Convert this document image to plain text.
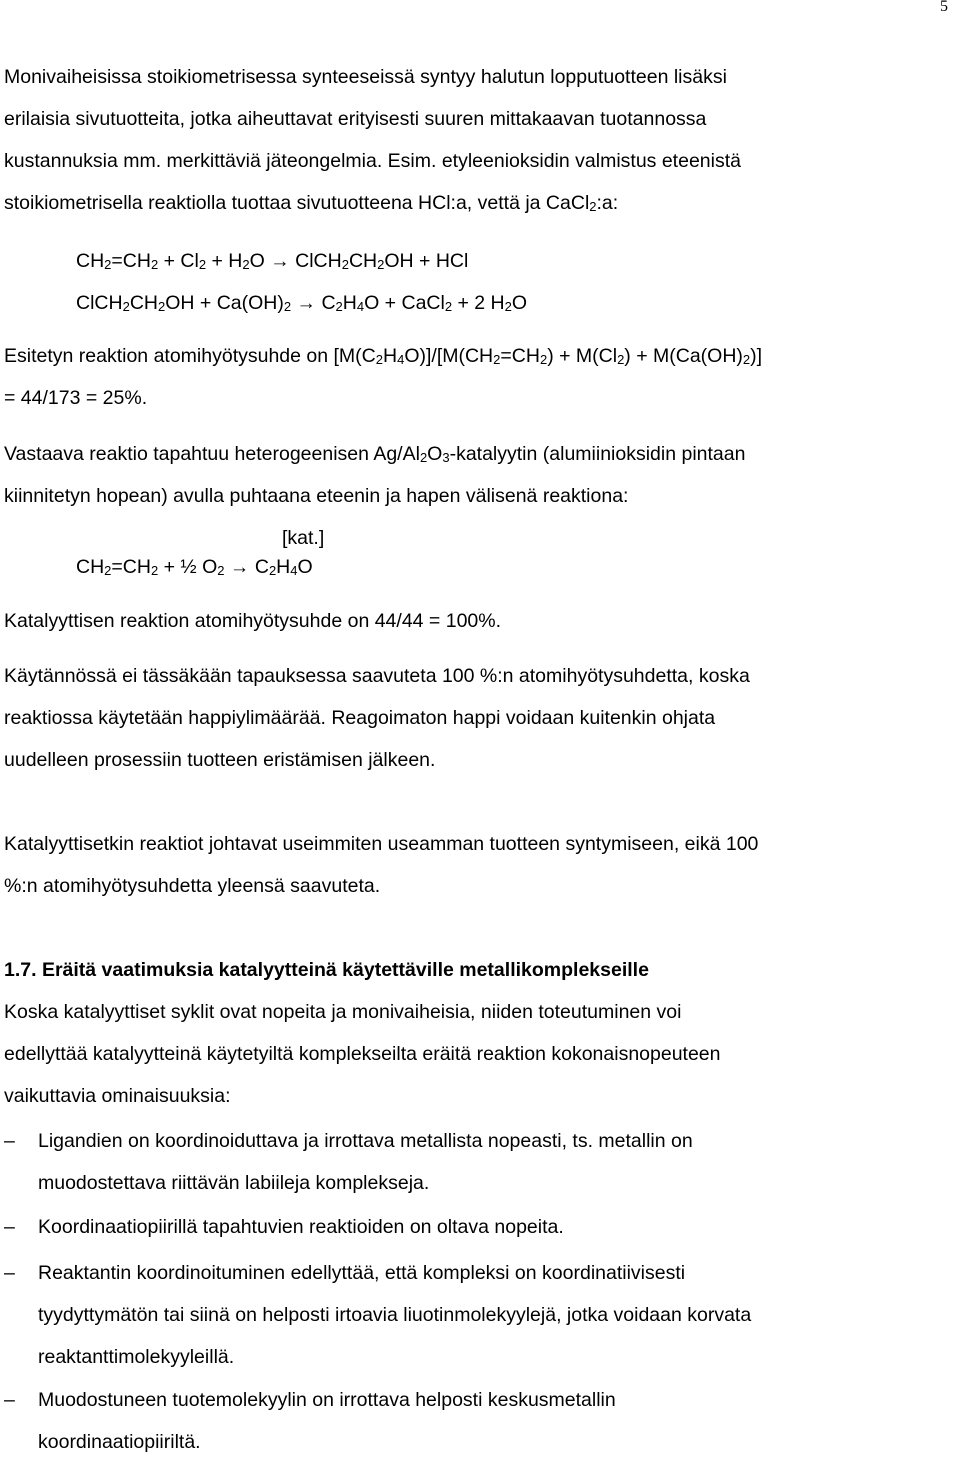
5
Monivaiheisissa stoikiometrisessa synteeseissä syntyy halutun lopputuotteen lisäksi
erilaisia sivutuotteita, jotka aiheuttavat erityisesti suuren mittakaavan tuotannossa
kustannuksia mm. merkittäviä jäteongelmia. Esim. etyleenioksidin valmistus eteenistä
stoikiometrisella reaktiolla tuottaa sivutuotteena HCl:a, vettä ja CaCl$_2$:a:
$CH_2=CH_2 + Cl_2 + H_2O$ → $ClCH_2CH_2OH$ + HCl
$ClCH_2CH_2OH + Ca(OH)_2 \to C_2H_4O$ + CaCl$_2$ + 2 $H_2O$
Esitetyn reaktion atomihyötysuhde on $[M(C_2H_4O)]/[M(CH_2=CH_2) + M(Cl_2) + M(Ca(OH)_2)]$
= 44/173 = 25%.
Vastaava reaktio tapahtuu heterogeenisen $Ag/Al_2O_3$-katalyytin (alumiinioksidin pintaan
kiinnitetyn hopean) avulla puhtaana eteenin ja hapen välisenä reaktiona:
[kat.]
$CH_2=CH_2$ + ½ $O_2 \to C_2H_4O$
Katalyyttisen reaktion atomihyötysuhde on 44/44 = 100%.
Käytännössä ei tässäkään tapauksessa saavuteta 100 %:n atomihyötysuhdetta, koska
reaktiossa käytetään happiylimäärää. Reagoimaton happi voidaan kuitenkin ohjata
uudelleen prosessiin tuotteen eristämisen jälkeen.
Katalyyttisetkin reaktiot johtavat useimmiten useamman tuotteen syntymiseen, eikä 100
%:n atomihyötysuhdetta yleensä saavuteta.
1.7. Eräitä vaatimuksia katalyytteinä käytettäville metallikomplekseille
Koska katalyyttiset syklit ovat nopeita ja monivaiheisia, niiden toteutuminen voi
edellyttää katalyytteinä käytetyiltä komplekseilta eräitä reaktion kokonaisnopeuteen
vaikuttavia ominaisuuksia:
– Ligandien on koordinoiduttava ja irrottava metallista nopeasti, ts. metallin on
muodostettava riittävän labiileja komplekseja.
– Koordinaatiopiirillä tapahtuvien reaktioiden on oltava nopeita.
– Reaktantin koordinoituminen edellyttää, että kompleksi on koordinatiivisesti
tyydyttymätön tai siinä on helposti irtoavia liuotinmolekyylejä, jotka voidaan korvata
reaktanttimolekyyleillä.
– Muodostuneen tuotemolekyylin on irrottava helposti keskusmetallin
koordinaatiopiiriltä.
